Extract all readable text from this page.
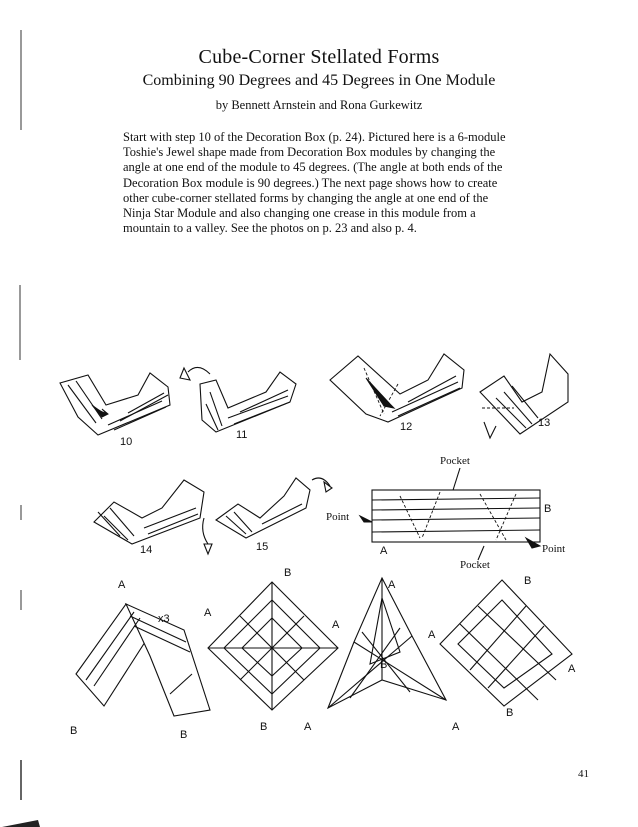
Cube-Corner Stellated Forms
Combining 90 Degrees and 45 Degrees in One Module
by Bennett Arnstein and Rona Gurkewitz
Start with step 10 of the Decoration Box (p. 24). Pictured here is a 6-module Toshie's Jewel shape made from Decoration Box modules by changing the angle at one end of the module to 45 degrees. (The angle at both ends of the Decoration Box module is 90 degrees.) The next page shows how to create other cube-corner stellated forms by changing the angle at one end of the Ninja Star Module and also changing one crease in this module from a mountain to a valley. See the photos on p. 23 and also p. 4.
10
11
12	13
14	15
Pocket
Point
B
A	Point
Pocket
A
x3
B	B
B
A
B
A
A
A
B
A	A
B
A
B
41
